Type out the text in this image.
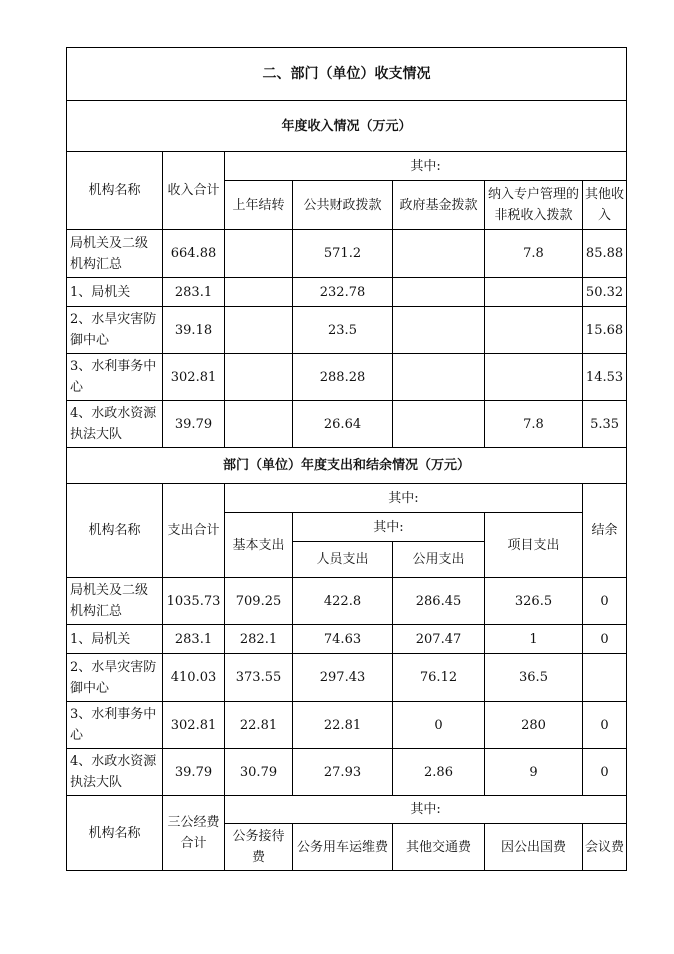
二、部门（单位）收支情况						
年度收入情况（万元）						
机构名称	收入合计	其中:				
		上年结转	公共财政拨款	政府基金拨款	纳入专户管理的非税收入拨款	其他收入
局机关及二级机构汇总	664.88		571.2		7.8	85.88
1、局机关	283.1		232.78			50.32
2、水旱灾害防御中心	39.18		23.5			15.68
3、水利事务中心	302.81		288.28			14.53
4、水政水资源执法大队	39.79		26.64		7.8	5.35
部门（单位）年度支出和结余情况（万元）						
机构名称	支出合计	其中:				结余
		基本支出	其中:		项目支出	
			人员支出	公用支出		
局机关及二级机构汇总	1035.73	709.25	422.8	286.45	326.5	0
1、局机关	283.1	282.1	74.63	207.47	1	0
2、水旱灾害防御中心	410.03	373.55	297.43	76.12	36.5	
3、水利事务中心	302.81	22.81	22.81	0	280	0
4、水政水资源执法大队	39.79	30.79	27.93	2.86	9	0
机构名称	三公经费合计	其中:				
		公务接待费	公务用车运维费	其他交通费	因公出国费	会议费
